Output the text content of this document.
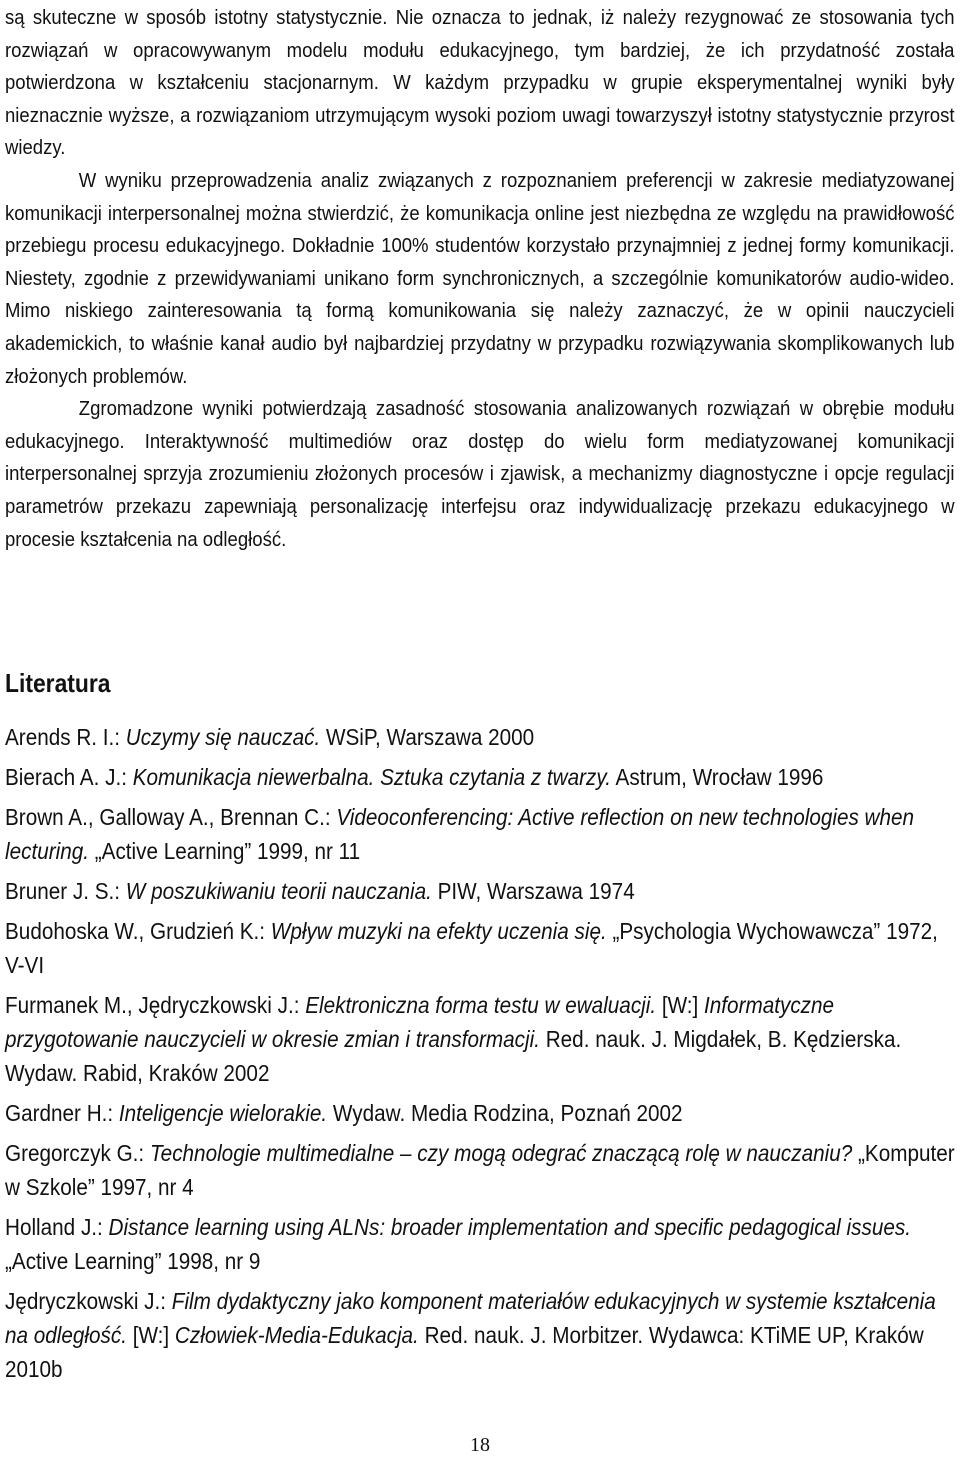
są skuteczne w sposób istotny statystycznie. Nie oznacza to jednak, iż należy rezygnować ze stosowania tych rozwiązań w opracowywanym modelu modułu edukacyjnego, tym bardziej, że ich przydatność została potwierdzona w kształceniu stacjonarnym. W każdym przypadku w grupie eksperymentalnej wyniki były nieznacznie wyższe, a rozwiązaniom utrzymującym wysoki poziom uwagi towarzyszył istotny statystycznie przyrost wiedzy.

W wyniku przeprowadzenia analiz związanych z rozpoznaniem preferencji w zakresie mediatyzowanej komunikacji interpersonalnej można stwierdzić, że komunikacja online jest niezbędna ze względu na prawidłowość przebiegu procesu edukacyjnego. Dokładnie 100% studentów korzystało przynajmniej z jednej formy komunikacji. Niestety, zgodnie z przewidywaniami unikano form synchronicznych, a szczególnie komunikatorów audio-wideo. Mimo niskiego zainteresowania tą formą komunikowania się należy zaznaczyć, że w opinii nauczycieli akademickich, to właśnie kanał audio był najbardziej przydatny w przypadku rozwiązywania skomplikowanych lub złożonych problemów.

Zgromadzone wyniki potwierdzają zasadność stosowania analizowanych rozwiązań w obrębie modułu edukacyjnego. Interaktywność multimediów oraz dostęp do wielu form mediatyzowanej komunikacji interpersonalnej sprzyja zrozumieniu złożonych procesów i zjawisk, a mechanizmy diagnostyczne i opcje regulacji parametrów przekazu zapewniają personalizację interfejsu oraz indywidualizację przekazu edukacyjnego w procesie kształcenia na odległość.

Literatura

Arends R. I.: Uczymy się nauczać. WSiP, Warszawa 2000

Bierach A. J.: Komunikacja niewerbalna. Sztuka czytania z twarzy. Astrum, Wrocław 1996

Brown A., Galloway A., Brennan C.: Videoconferencing: Active reflection on new technologies when lecturing. „Active Learning” 1999, nr 11

Bruner J. S.: W poszukiwaniu teorii nauczania. PIW, Warszawa 1974

Budohoska W., Grudzień K.: Wpływ muzyki na efekty uczenia się. „Psychologia Wychowawcza” 1972, V-VI

Furmanek M., Jędryczkowski J.: Elektroniczna forma testu w ewaluacji. [W:] Informatyczne przygotowanie nauczycieli w okresie zmian i transformacji. Red. nauk. J. Migdałek, B. Kędzierska. Wydaw. Rabid, Kraków 2002

Gardner H.: Inteligencje wielorakie. Wydaw. Media Rodzina, Poznań 2002

Gregorczyk G.: Technologie multimedialne – czy mogą odegrać znaczącą rolę w nauczaniu? „Komputer w Szkole” 1997, nr 4

Holland J.: Distance learning using ALNs: broader implementation and specific pedagogical issues. „Active Learning” 1998, nr 9

Jędryczkowski J.: Film dydaktyczny jako komponent materiałów edukacyjnych w systemie kształcenia na odległość. [W:] Człowiek-Media-Edukacja. Red. nauk. J. Morbitzer. Wydawca: KTiME UP, Kraków 2010b

18
